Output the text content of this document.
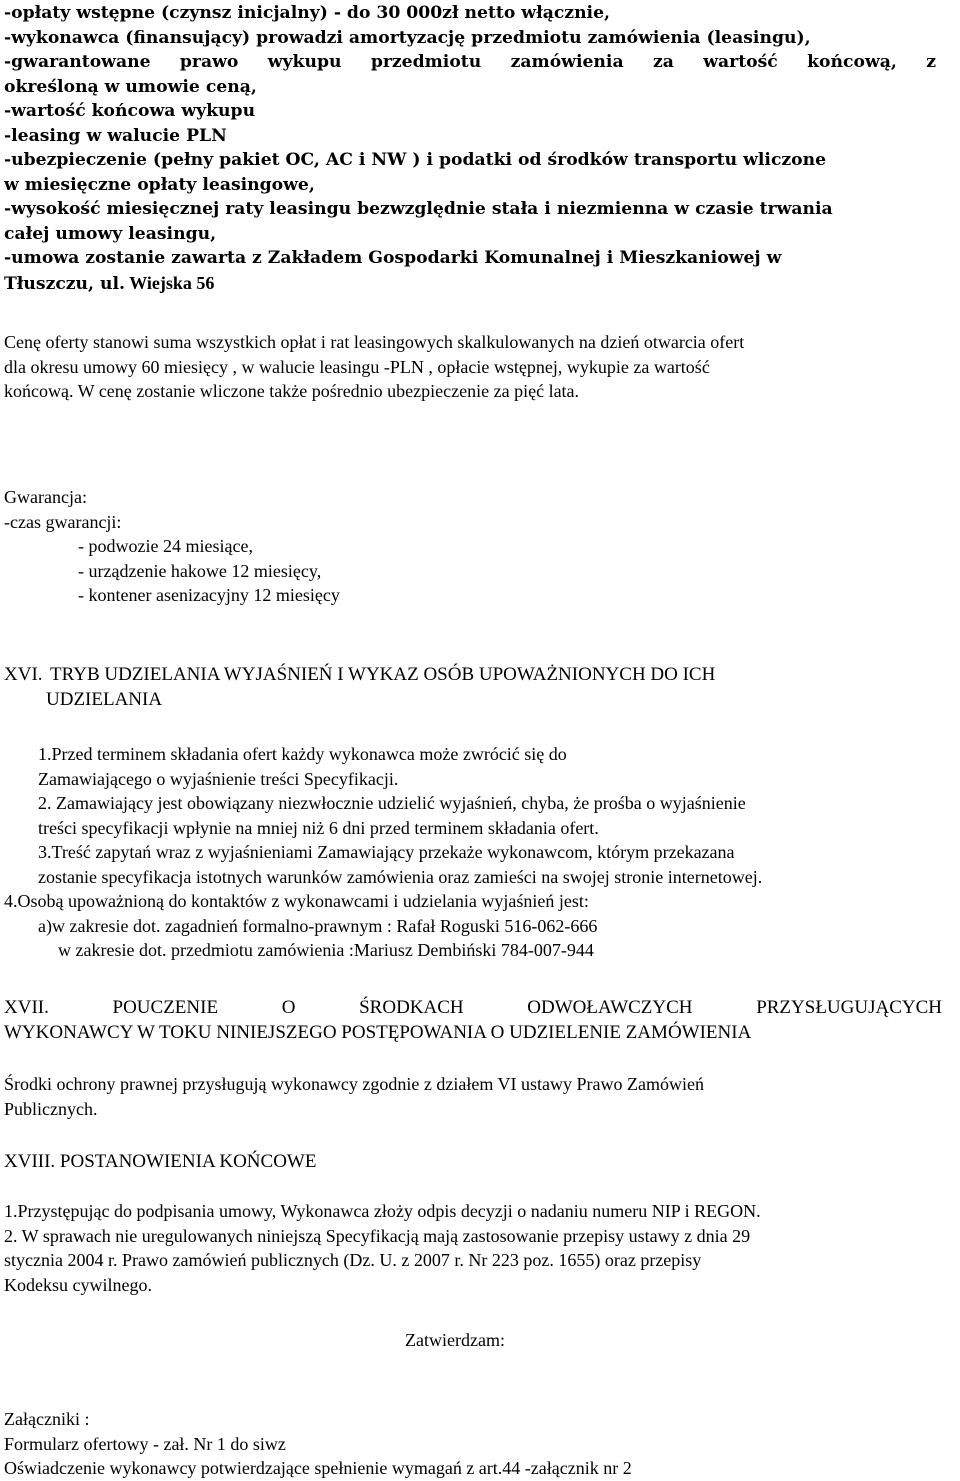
-opłaty wstępne (czynsz inicjalny) - do 30 000zł netto włącznie,
-wykonawca (finansujący) prowadzi amortyzację przedmiotu zamówienia (leasingu),
-gwarantowane prawo wykupu przedmiotu zamówienia za wartość końcową, z
określoną w umowie ceną,
-wartość końcowa wykupu
-leasing w walucie PLN
-ubezpieczenie (pełny pakiet OC, AC i NW ) i podatki od środków transportu wliczone
w miesięczne opłaty leasingowe,
-wysokość miesięcznej raty leasingu bezwzględnie stała i niezmienna w czasie trwania
całej umowy leasingu,
-umowa zostanie zawarta z Zakładem Gospodarki Komunalnej i Mieszkaniowej w
Tłuszczu, ul. Wiejska 56
Cenę oferty stanowi suma wszystkich opłat i rat leasingowych skalkulowanych na dzień otwarcia ofert
dla okresu umowy 60 miesięcy , w walucie leasingu -PLN , opłacie wstępnej, wykupie za wartość
końcową. W cenę zostanie wliczone także pośrednio ubezpieczenie za pięć lata.
Gwarancja:
-czas gwarancji:
- podwozie 24 miesiące,
- urządzenie hakowe 12 miesięcy,
- kontener asenizacyjny 12 miesięcy
XVI. TRYB UDZIELANIA WYJAŚNIEŃ I WYKAZ OSÓB UPOWAŻNIONYCH DO ICH
UDZIELANIA
1.Przed terminem składania ofert każdy wykonawca może zwrócić się do
Zamawiającego o wyjaśnienie treści Specyfikacji.
2. Zamawiający jest obowiązany niezwłocznie udzielić wyjaśnień, chyba, że prośba o wyjaśnienie
treści specyfikacji wpłynie na mniej niż 6 dni przed terminem składania ofert.
3.Treść zapytań wraz z wyjaśnieniami Zamawiający przekaże wykonawcom, którym przekazana
zostanie specyfikacja istotnych warunków zamówienia oraz zamieści na swojej stronie internetowej.
4.Osobą upoważnioną do kontaktów z wykonawcami i udzielania wyjaśnień jest:
a)w zakresie dot. zagadnień formalno-prawnym : Rafał Roguski 516-062-666
w zakresie dot. przedmiotu zamówienia :Mariusz Dembiński 784-007-944
XVII. POUCZENIE O ŚRODKACH ODWOŁAWCZYCH PRZYSŁUGUJĄCYCH
WYKONAWCY W TOKU NINIEJSZEGO POSTĘPOWANIA O UDZIELENIE ZAMÓWIENIA
Środki ochrony prawnej przysługują wykonawcy zgodnie z działem VI ustawy Prawo Zamówień
Publicznych.
XVIII. POSTANOWIENIA KOŃCOWE
1.Przystępując do podpisania umowy, Wykonawca złoży odpis decyzji o nadaniu numeru NIP i REGON.
2. W sprawach nie uregulowanych niniejszą Specyfikacją mają zastosowanie przepisy ustawy z dnia 29
stycznia 2004 r. Prawo zamówień publicznych (Dz. U. z 2007 r. Nr 223 poz. 1655) oraz przepisy
Kodeksu cywilnego.
Zatwierdzam:
Załączniki :
Formularz ofertowy - zał. Nr 1 do siwz
Oświadczenie wykonawcy potwierdzające spełnienie wymagań z art.44 -załącznik nr 2
